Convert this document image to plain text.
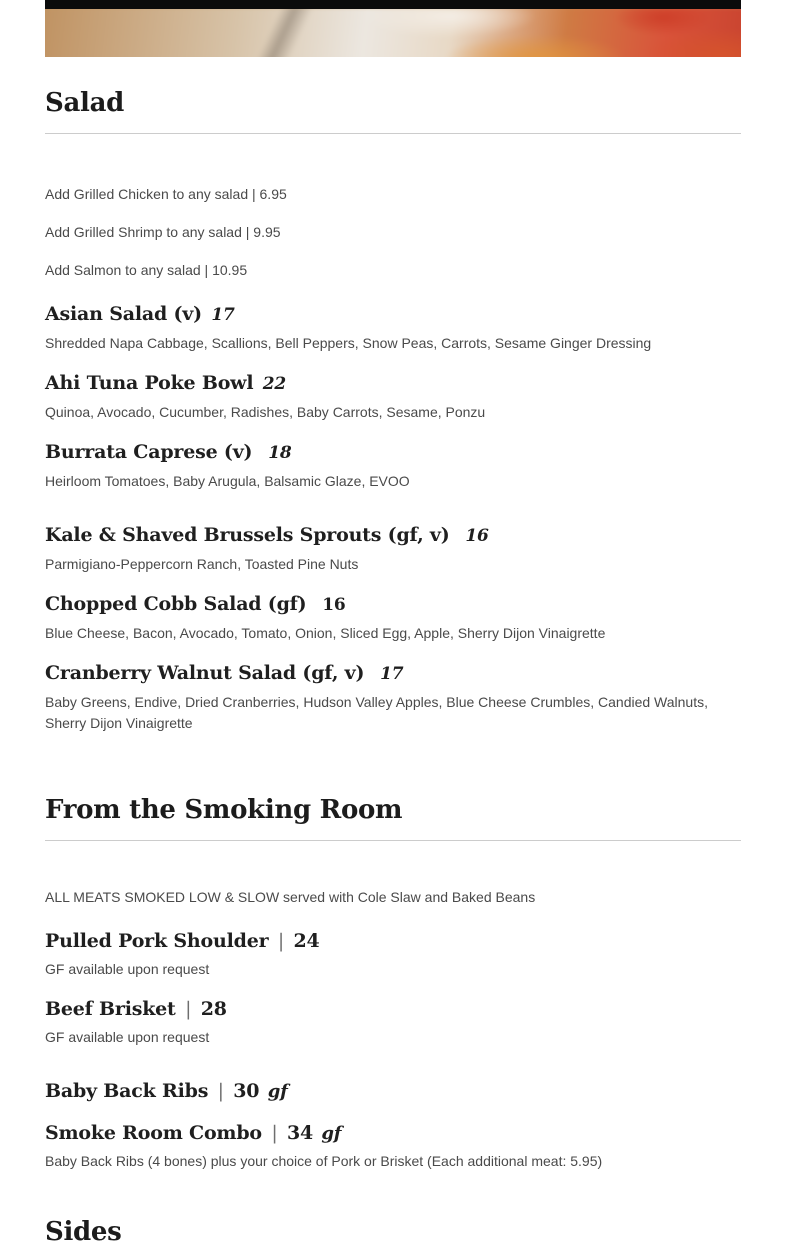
Salad

Add Grilled Chicken to any salad | 6.95

Add Grilled Shrimp to any salad | 9.95

Add Salmon to any salad | 10.95

Asian Salad (v) 17

Shredded Napa Cabbage, Scallions, Bell Peppers, Snow Peas, Carrots, Sesame Ginger Dressing

Ahi Tuna Poke Bowl 22

Quinoa, Avocado, Cucumber, Radishes, Baby Carrots, Sesame, Ponzu

Burrata Caprese (v) 18

Heirloom Tomatoes, Baby Arugula, Balsamic Glaze, EVOO

Kale & Shaved Brussels Sprouts (gf, v) 16

Parmigiano-Peppercorn Ranch, Toasted Pine Nuts

Chopped Cobb Salad (gf) 16

Blue Cheese, Bacon, Avocado, Tomato, Onion, Sliced Egg, Apple, Sherry Dijon Vinaigrette

Cranberry Walnut Salad (gf, v) 17

Baby Greens, Endive, Dried Cranberries, Hudson Valley Apples, Blue Cheese Crumbles, Candied Walnuts, Sherry Dijon Vinaigrette

From the Smoking Room

ALL MEATS SMOKED LOW & SLOW served with Cole Slaw and Baked Beans

Pulled Pork Shoulder | 24

GF available upon request

Beef Brisket | 28

GF available upon request

Baby Back Ribs | 30 gf
Smoke Room Combo | 34 gf

Baby Back Ribs (4 bones) plus your choice of Pork or Brisket (Each additional meat: 5.95)

Sides
